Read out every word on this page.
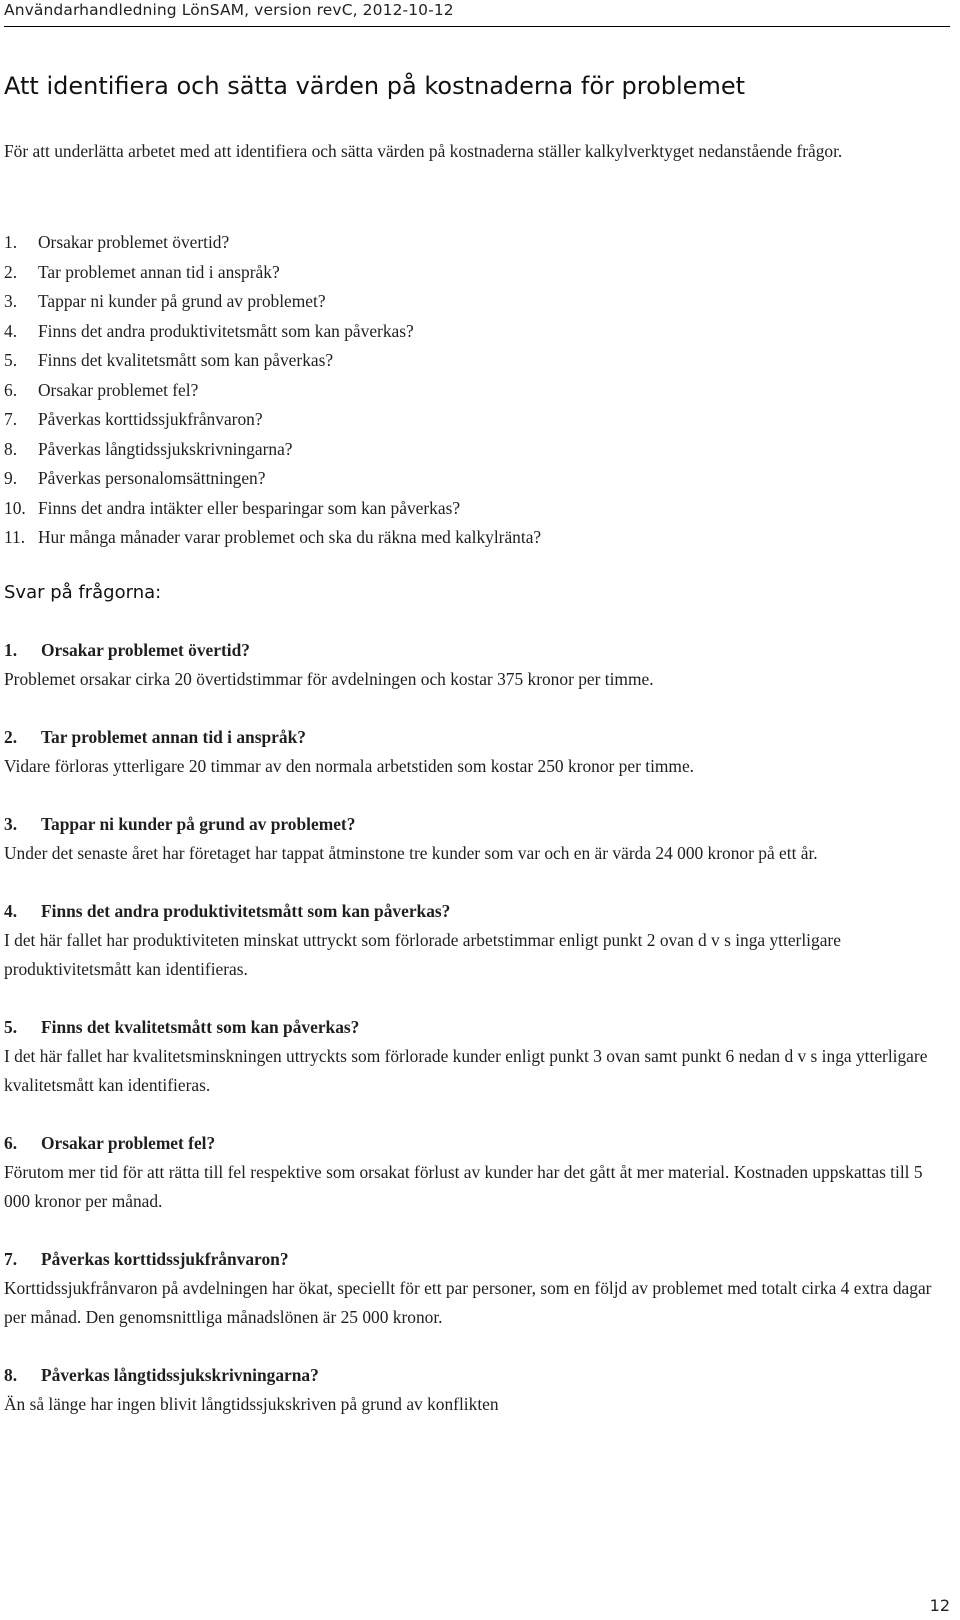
Användarhandledning LönSAM, version revC, 2012-10-12
Att identifiera och sätta värden på kostnaderna för problemet

För att underlätta arbetet med att identifiera och sätta värden på kostnaderna ställer kalkylverktyget nedanstående frågor.

1. Orsakar problemet övertid?
2. Tar problemet annan tid i anspråk?
3. Tappar ni kunder på grund av problemet?
4. Finns det andra produktivitetsmått som kan påverkas?
5. Finns det kvalitetsmått som kan påverkas?
6. Orsakar problemet fel?
7. Påverkas korttidssjukfrånvaron?
8. Påverkas långtidssjukskrivningarna?
9. Påverkas personalomsättningen?
10. Finns det andra intäkter eller besparingar som kan påverkas?
11. Hur många månader varar problemet och ska du räkna med kalkylränta?
Svar på frågorna:

1. Orsakar problemet övertid?

Problemet orsakar cirka 20 övertidstimmar för avdelningen och kostar 375 kronor per timme.

2. Tar problemet annan tid i anspråk?

Vidare förloras ytterligare 20 timmar av den normala arbetstiden som kostar 250 kronor per timme.

3. Tappar ni kunder på grund av problemet?

Under det senaste året har företaget har tappat åtminstone tre kunder som var och en är värda 24 000 kronor på ett år.

4. Finns det andra produktivitetsmått som kan påverkas?

I det här fallet har produktiviteten minskat uttryckt som förlorade arbetstimmar enligt punkt 2 ovan d v s inga ytterligare produktivitetsmått kan identifieras.

5. Finns det kvalitetsmått som kan påverkas?

I det här fallet har kvalitetsminskningen uttryckts som förlorade kunder enligt punkt 3 ovan samt punkt 6 nedan d v s inga ytterligare kvalitetsmått kan identifieras.

6. Orsakar problemet fel?

Förutom mer tid för att rätta till fel respektive som orsakat förlust av kunder har det gått åt mer material. Kostnaden uppskattas till 5 000 kronor per månad.

7. Påverkas korttidssjukfrånvaron?

Korttidssjukfrånvaron på avdelningen har ökat, speciellt för ett par personer, som en följd av problemet med totalt cirka 4 extra dagar per månad. Den genomsnittliga månadslönen är 25 000 kronor.

8. Påverkas långtidssjukskrivningarna?

Än så länge har ingen blivit långtidssjukskriven på grund av konflikten

12
